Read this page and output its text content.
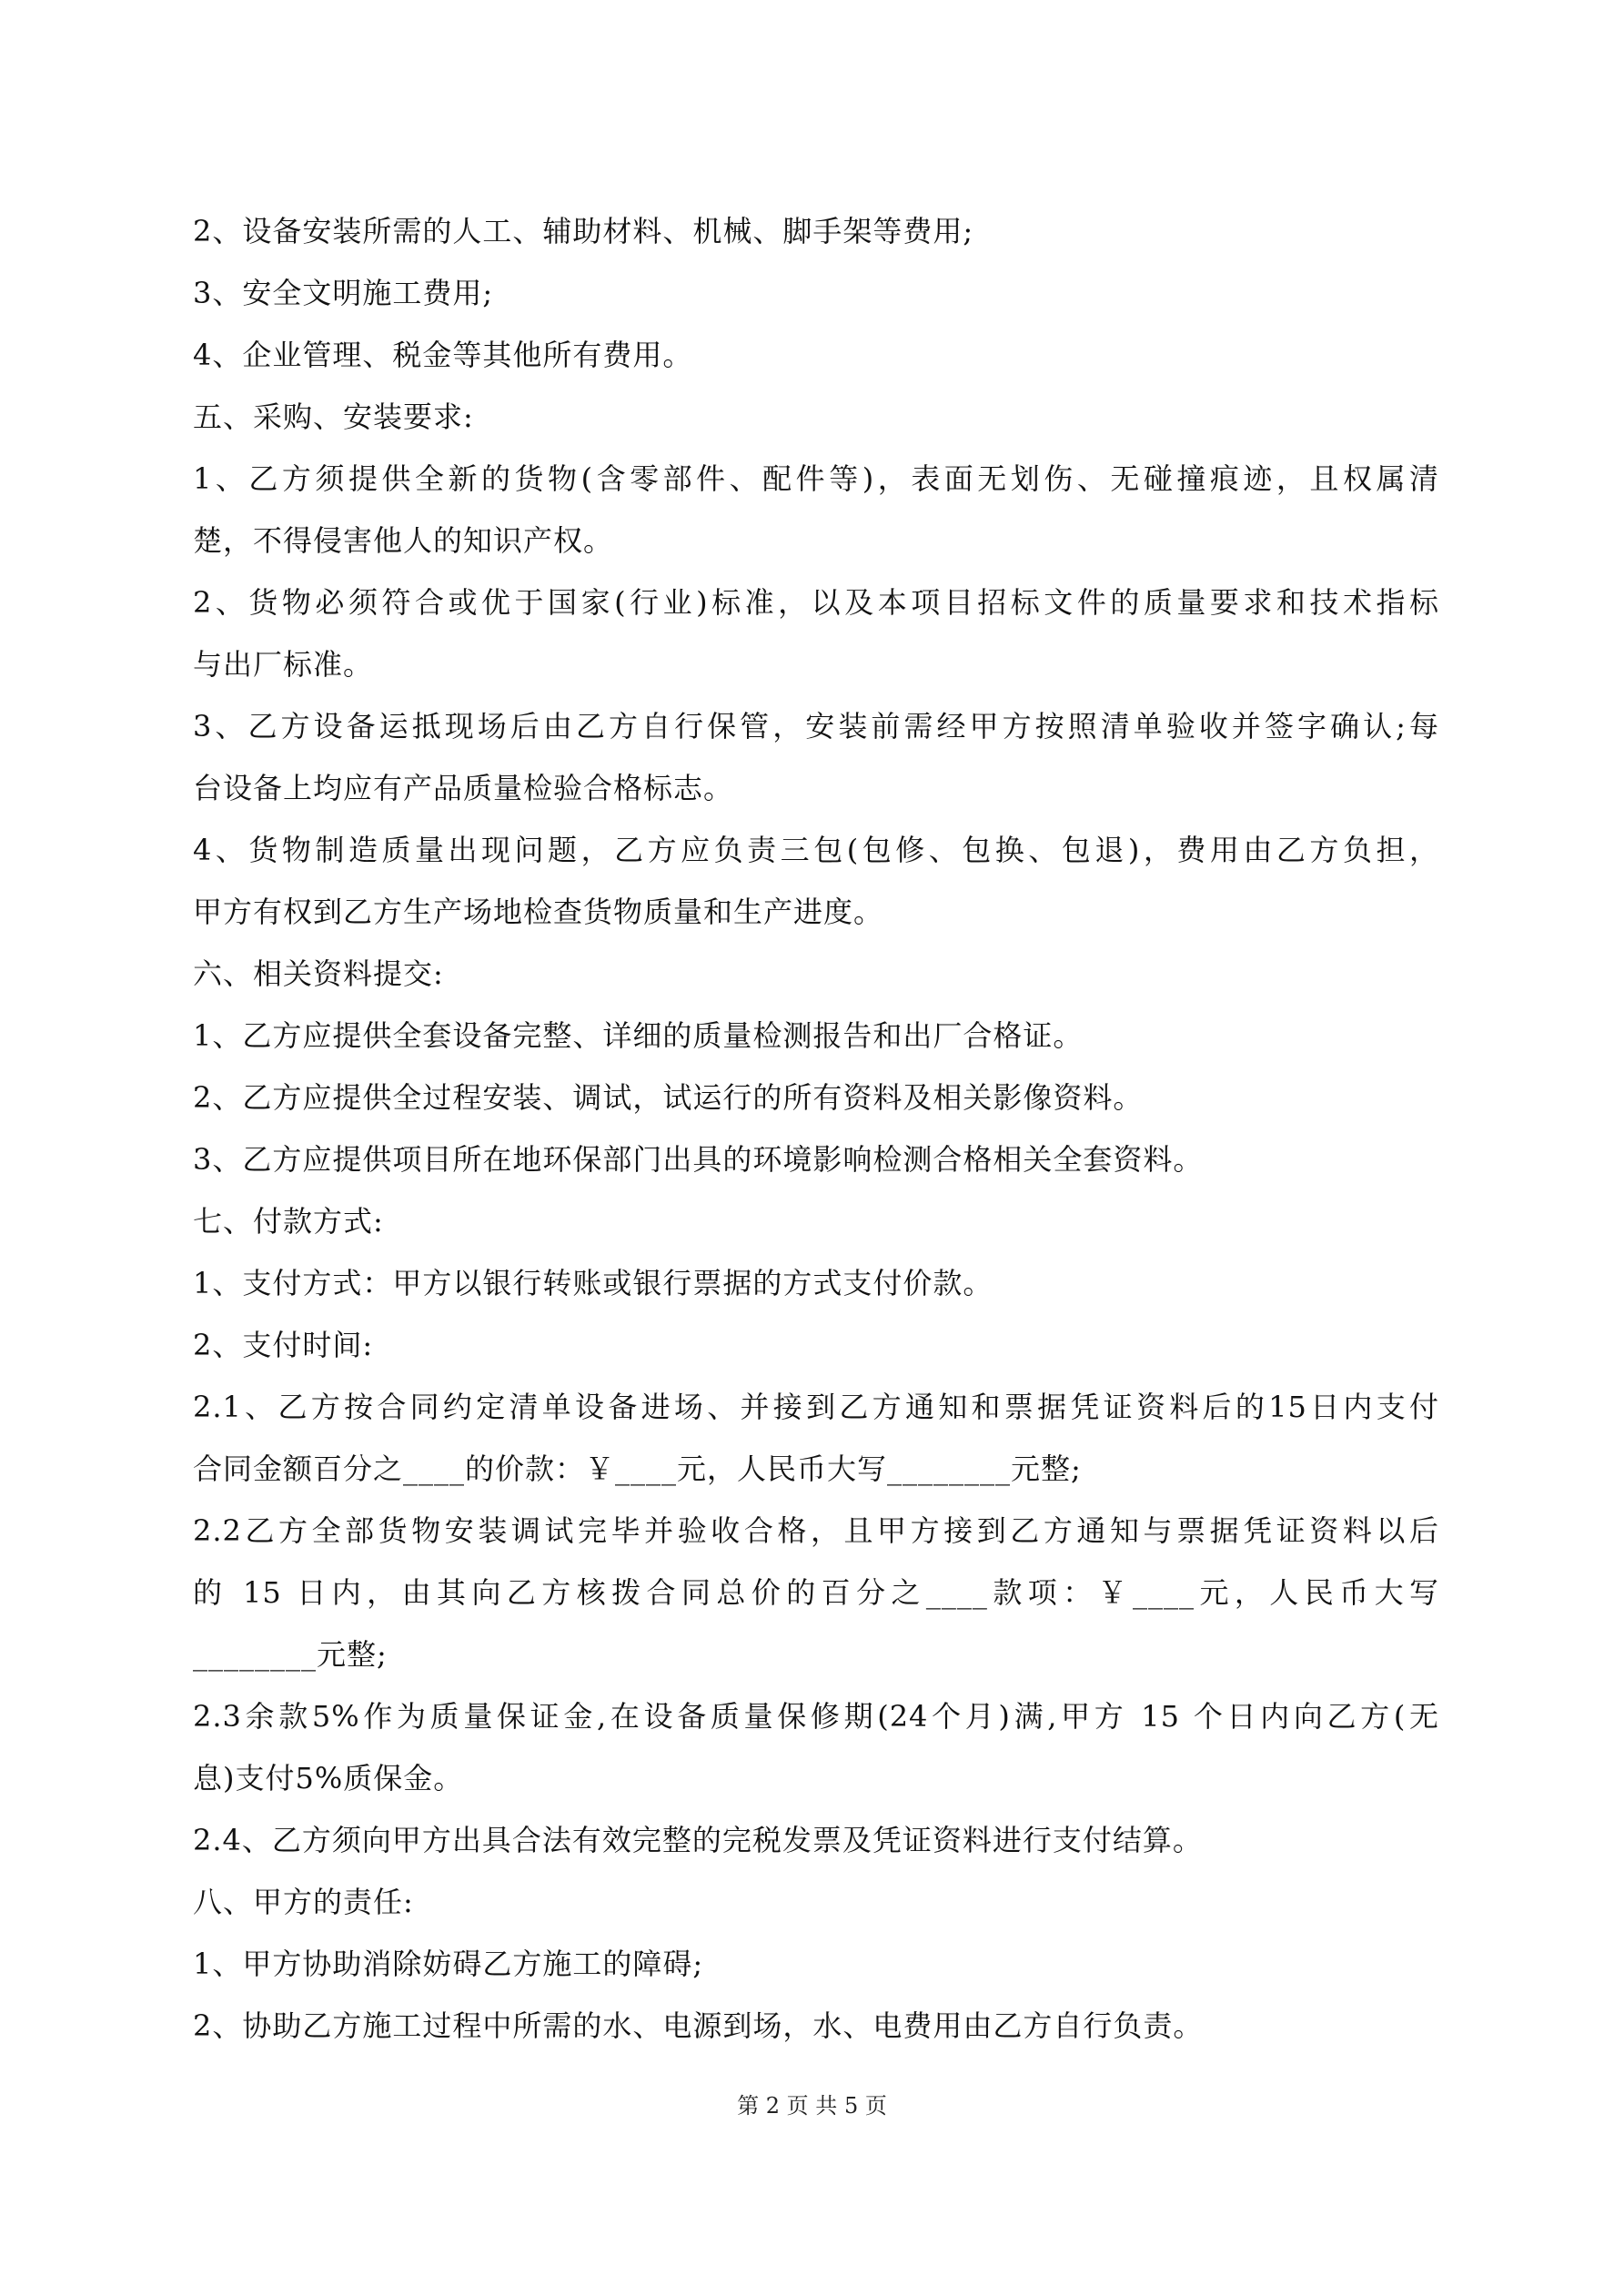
2、设备安装所需的人工、辅助材料、机械、脚手架等费用;
3、安全文明施工费用;
4、企业管理、税金等其他所有费用。
五、采购、安装要求:
1、乙方须提供全新的货物(含零部件、配件等)，表面无划伤、无碰撞痕迹，且权属清
楚，不得侵害他人的知识产权。
2、货物必须符合或优于国家(行业)标准，以及本项目招标文件的质量要求和技术指标
与出厂标准。
3、乙方设备运抵现场后由乙方自行保管，安装前需经甲方按照清单验收并签字确认;每
台设备上均应有产品质量检验合格标志。
4、货物制造质量出现问题，乙方应负责三包(包修、包换、包退)，费用由乙方负担，
甲方有权到乙方生产场地检查货物质量和生产进度。
六、相关资料提交:
1、乙方应提供全套设备完整、详细的质量检测报告和出厂合格证。
2、乙方应提供全过程安装、调试，试运行的所有资料及相关影像资料。
3、乙方应提供项目所在地环保部门出具的环境影响检测合格相关全套资料。
七、付款方式:
1、支付方式：甲方以银行转账或银行票据的方式支付价款。
2、支付时间:
2.1、乙方按合同约定清单设备进场、并接到乙方通知和票据凭证资料后的15日内支付
合同金额百分之____的价款：￥____元，人民币大写________元整;
2.2乙方全部货物安装调试完毕并验收合格，且甲方接到乙方通知与票据凭证资料以后
的 15 日内，由其向乙方核拨合同总价的百分之____款项：￥____元，人民币大写
________元整;
2.3余款5%作为质量保证金,在设备质量保修期(24个月)满,甲方 15 个日内向乙方(无
息)支付5%质保金。
2.4、乙方须向甲方出具合法有效完整的完税发票及凭证资料进行支付结算。
八、甲方的责任:
1、甲方协助消除妨碍乙方施工的障碍;
2、协助乙方施工过程中所需的水、电源到场，水、电费用由乙方自行负责。
第 2 页 共 5 页
